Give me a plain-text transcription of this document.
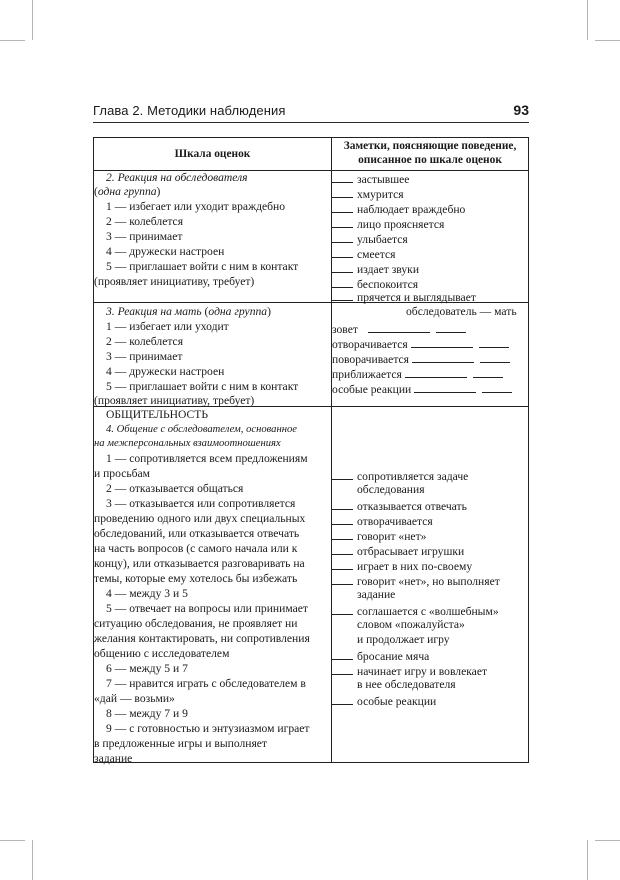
Глава 2. Методики наблюдения	93
Шкала оценок
Заметки, поясняющие поведение,
описанное по шкале оценок
2. Реакция на обследователя
(одна группа)
1 — избегает или уходит враждебно
2 — колеблется
3 — принимает
4 — дружески настроен
5 — приглашает войти с ним в контакт
(проявляет инициативу, требует)
застывшее
хмурится
наблюдает враждебно
лицо проясняется
улыбается
смеется
издает звуки
беспокоится
прячется и выглядывает
3. Реакция на мать (одна группа)
1 — избегает или уходит
2 — колеблется
3 — принимает
4 — дружески настроен
5 — приглашает войти с ним в контакт
(проявляет инициативу, требует)
обследователь — мать
зовет
отворачивается
поворачивается
приближается
особые реакции
ОБЩИТЕЛЬНОСТЬ
4. Общение с обследователем, основанное
на межперсональных взаимоотношениях
1 — сопротивляется всем предложениям
и просьбам
2 — отказывается общаться
3 — отказывается или сопротивляется
проведению одного или двух специальных
обследований, или отказывается отвечать
на часть вопросов (с самого начала или к
концу), или отказывается разговаривать на
темы, которые ему хотелось бы избежать
4 — между 3 и 5
5 — отвечает на вопросы или принимает
ситуацию обследования, не проявляет ни
желания контактировать, ни сопротивления
общению с исследователем
6 — между 5 и 7
7 — нравится играть с обследователем в
«дай — возьми»
8 — между 7 и 9
9 — с готовностью и энтузиазмом играет
в предложенные игры и выполняет
задание
сопротивляется задаче
обследования
отказывается отвечать
отворачивается
говорит «нет»
отбрасывает игрушки
играет в них по-своему
говорит «нет», но выполняет
задание
соглашается с «волшебным»
словом «пожалуйста»
и продолжает игру
бросание мяча
начинает игру и вовлекает
в нее обследователя
особые реакции
